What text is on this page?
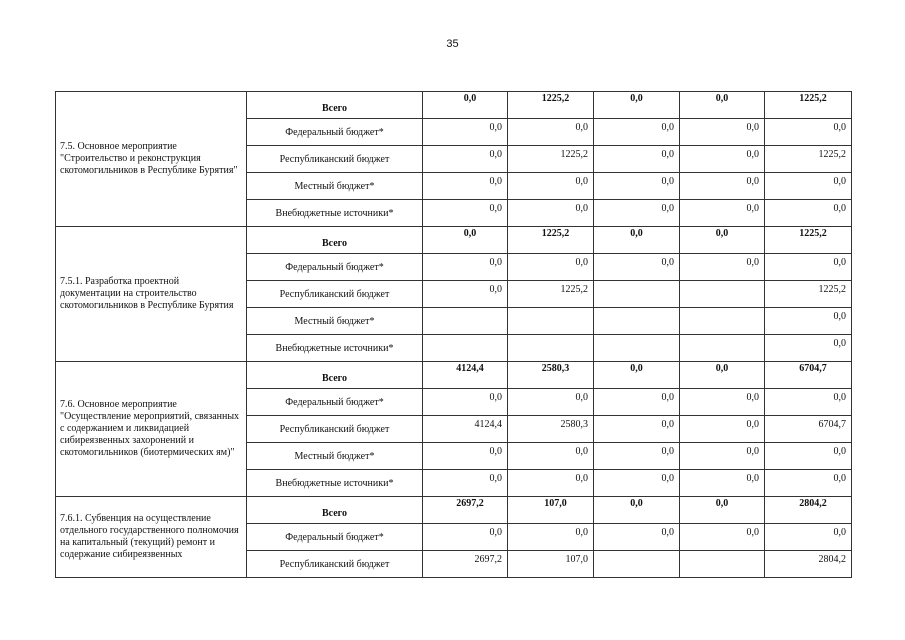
35
7.5. Основное мероприятие "Строительство и реконструкция скотомогильников в Республике Бурятия"	Всего	0,0	1225,2	0,0	0,0	1225,2
	Федеральный бюджет*	0,0	0,0	0,0	0,0	0,0
	Республиканский бюджет	0,0	1225,2	0,0	0,0	1225,2
	Местный бюджет*	0,0	0,0	0,0	0,0	0,0
	Внебюджетные источники*	0,0	0,0	0,0	0,0	0,0
7.5.1. Разработка проектной документации на строительство скотомогильников в Республике Бурятия	Всего	0,0	1225,2	0,0	0,0	1225,2
	Федеральный бюджет*	0,0	0,0	0,0	0,0	0,0
	Республиканский бюджет	0,0	1225,2			1225,2
	Местный бюджет*					0,0
	Внебюджетные источники*					0,0
7.6. Основное мероприятие "Осуществление мероприятий, связанных с содержанием и ликвидацией сибиреязвенных захоронений и скотомогильников (биотермических ям)"	Всего	4124,4	2580,3	0,0	0,0	6704,7
	Федеральный бюджет*	0,0	0,0	0,0	0,0	0,0
	Республиканский бюджет	4124,4	2580,3	0,0	0,0	6704,7
	Местный бюджет*	0,0	0,0	0,0	0,0	0,0
	Внебюджетные источники*	0,0	0,0	0,0	0,0	0,0
7.6.1. Субвенция на осуществление отдельного государственного полномочия на капитальный (текущий) ремонт и содержание сибиреязвенных	Всего	2697,2	107,0	0,0	0,0	2804,2
	Федеральный бюджет*	0,0	0,0	0,0	0,0	0,0
	Республиканский бюджет	2697,2	107,0			2804,2
